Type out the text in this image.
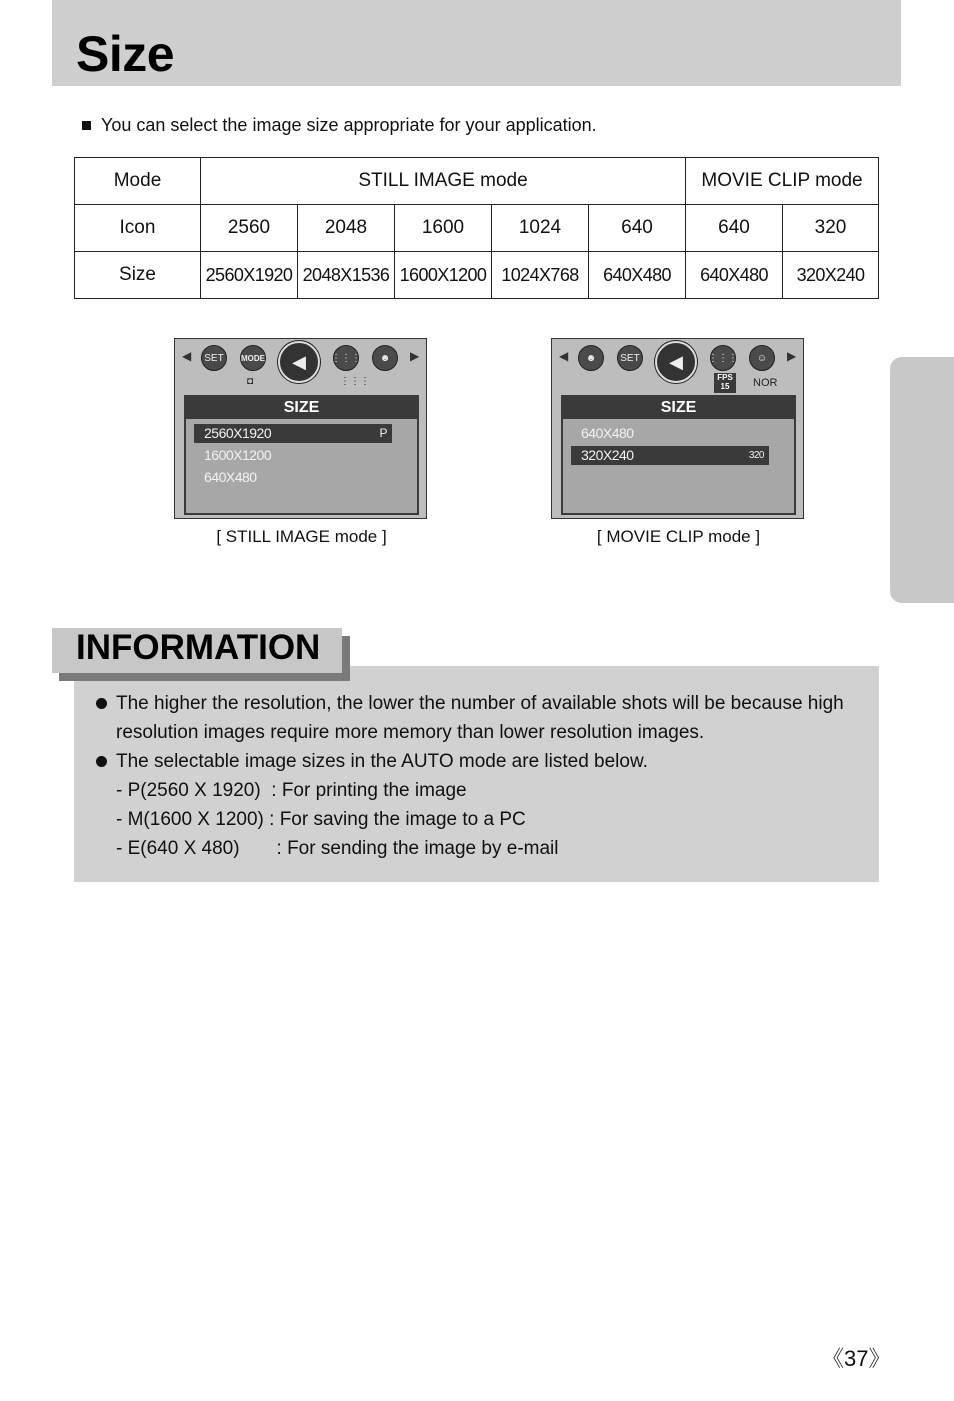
Size
You can select the image size appropriate for your application.
Mode	STILL IMAGE mode					MOVIE CLIP mode	
Icon	2560	2048	1600	1024	640	640	320
Size	2560X1920	2048X1536	1600X1200	1024X768	640X480	640X480	320X240
◀	SET	MODE	◀	⋮⋮⋮	☻	▶
◘	⋮⋮⋮
SIZE
2560X1920	P
1600X1200
640X480
[ STILL IMAGE mode ]
◀	☻	SET	◀	⋮⋮⋮	☺	▶
FPS
15	NOR
SIZE
640X480
320X240	320
[ MOVIE CLIP mode ]
INFORMATION
The higher the resolution, the lower the number of available shots will be because high
resolution images require more memory than lower resolution images.
The selectable image sizes in the AUTO mode are listed below.
- P(2560 X 1920)  : For printing the image
- M(1600 X 1200) : For saving the image to a PC
- E(640 X 480)       : For sending the image by e-mail
《37》
